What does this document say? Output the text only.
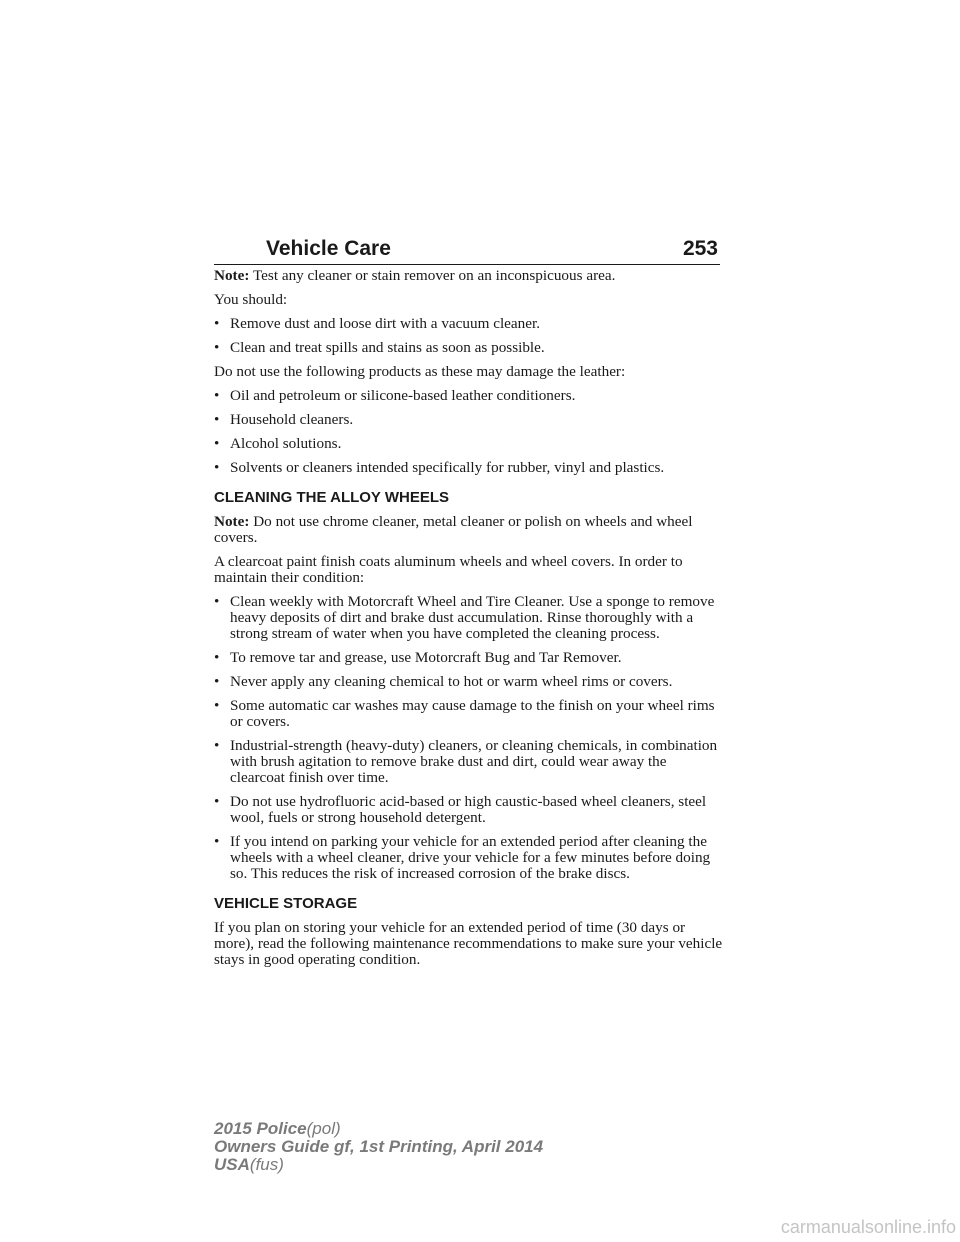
Vehicle Care	253

Note: Test any cleaner or stain remover on an inconspicuous area.

You should:

• Remove dust and loose dirt with a vacuum cleaner.
• Clean and treat spills and stains as soon as possible.

Do not use the following products as these may damage the leather:

• Oil and petroleum or silicone-based leather conditioners.
• Household cleaners.
• Alcohol solutions.
• Solvents or cleaners intended specifically for rubber, vinyl and plastics.
CLEANING THE ALLOY WHEELS

Note: Do not use chrome cleaner, metal cleaner or polish on wheels and wheel covers.

A clearcoat paint finish coats aluminum wheels and wheel covers. In order to maintain their condition:

• Clean weekly with Motorcraft Wheel and Tire Cleaner. Use a sponge to remove heavy deposits of dirt and brake dust accumulation. Rinse thoroughly with a strong stream of water when you have completed the cleaning process.
• To remove tar and grease, use Motorcraft Bug and Tar Remover.
• Never apply any cleaning chemical to hot or warm wheel rims or covers.
• Some automatic car washes may cause damage to the finish on your wheel rims or covers.
• Industrial-strength (heavy-duty) cleaners, or cleaning chemicals, in combination with brush agitation to remove brake dust and dirt, could wear away the clearcoat finish over time.
• Do not use hydrofluoric acid-based or high caustic-based wheel cleaners, steel wool, fuels or strong household detergent.
• If you intend on parking your vehicle for an extended period after cleaning the wheels with a wheel cleaner, drive your vehicle for a few minutes before doing so. This reduces the risk of increased corrosion of the brake discs.
VEHICLE STORAGE

If you plan on storing your vehicle for an extended period of time (30 days or more), read the following maintenance recommendations to make sure your vehicle stays in good operating condition.

2015 Police(pol)
Owners Guide gf, 1st Printing, April 2014
USA(fus)
carmanualsonline.info
